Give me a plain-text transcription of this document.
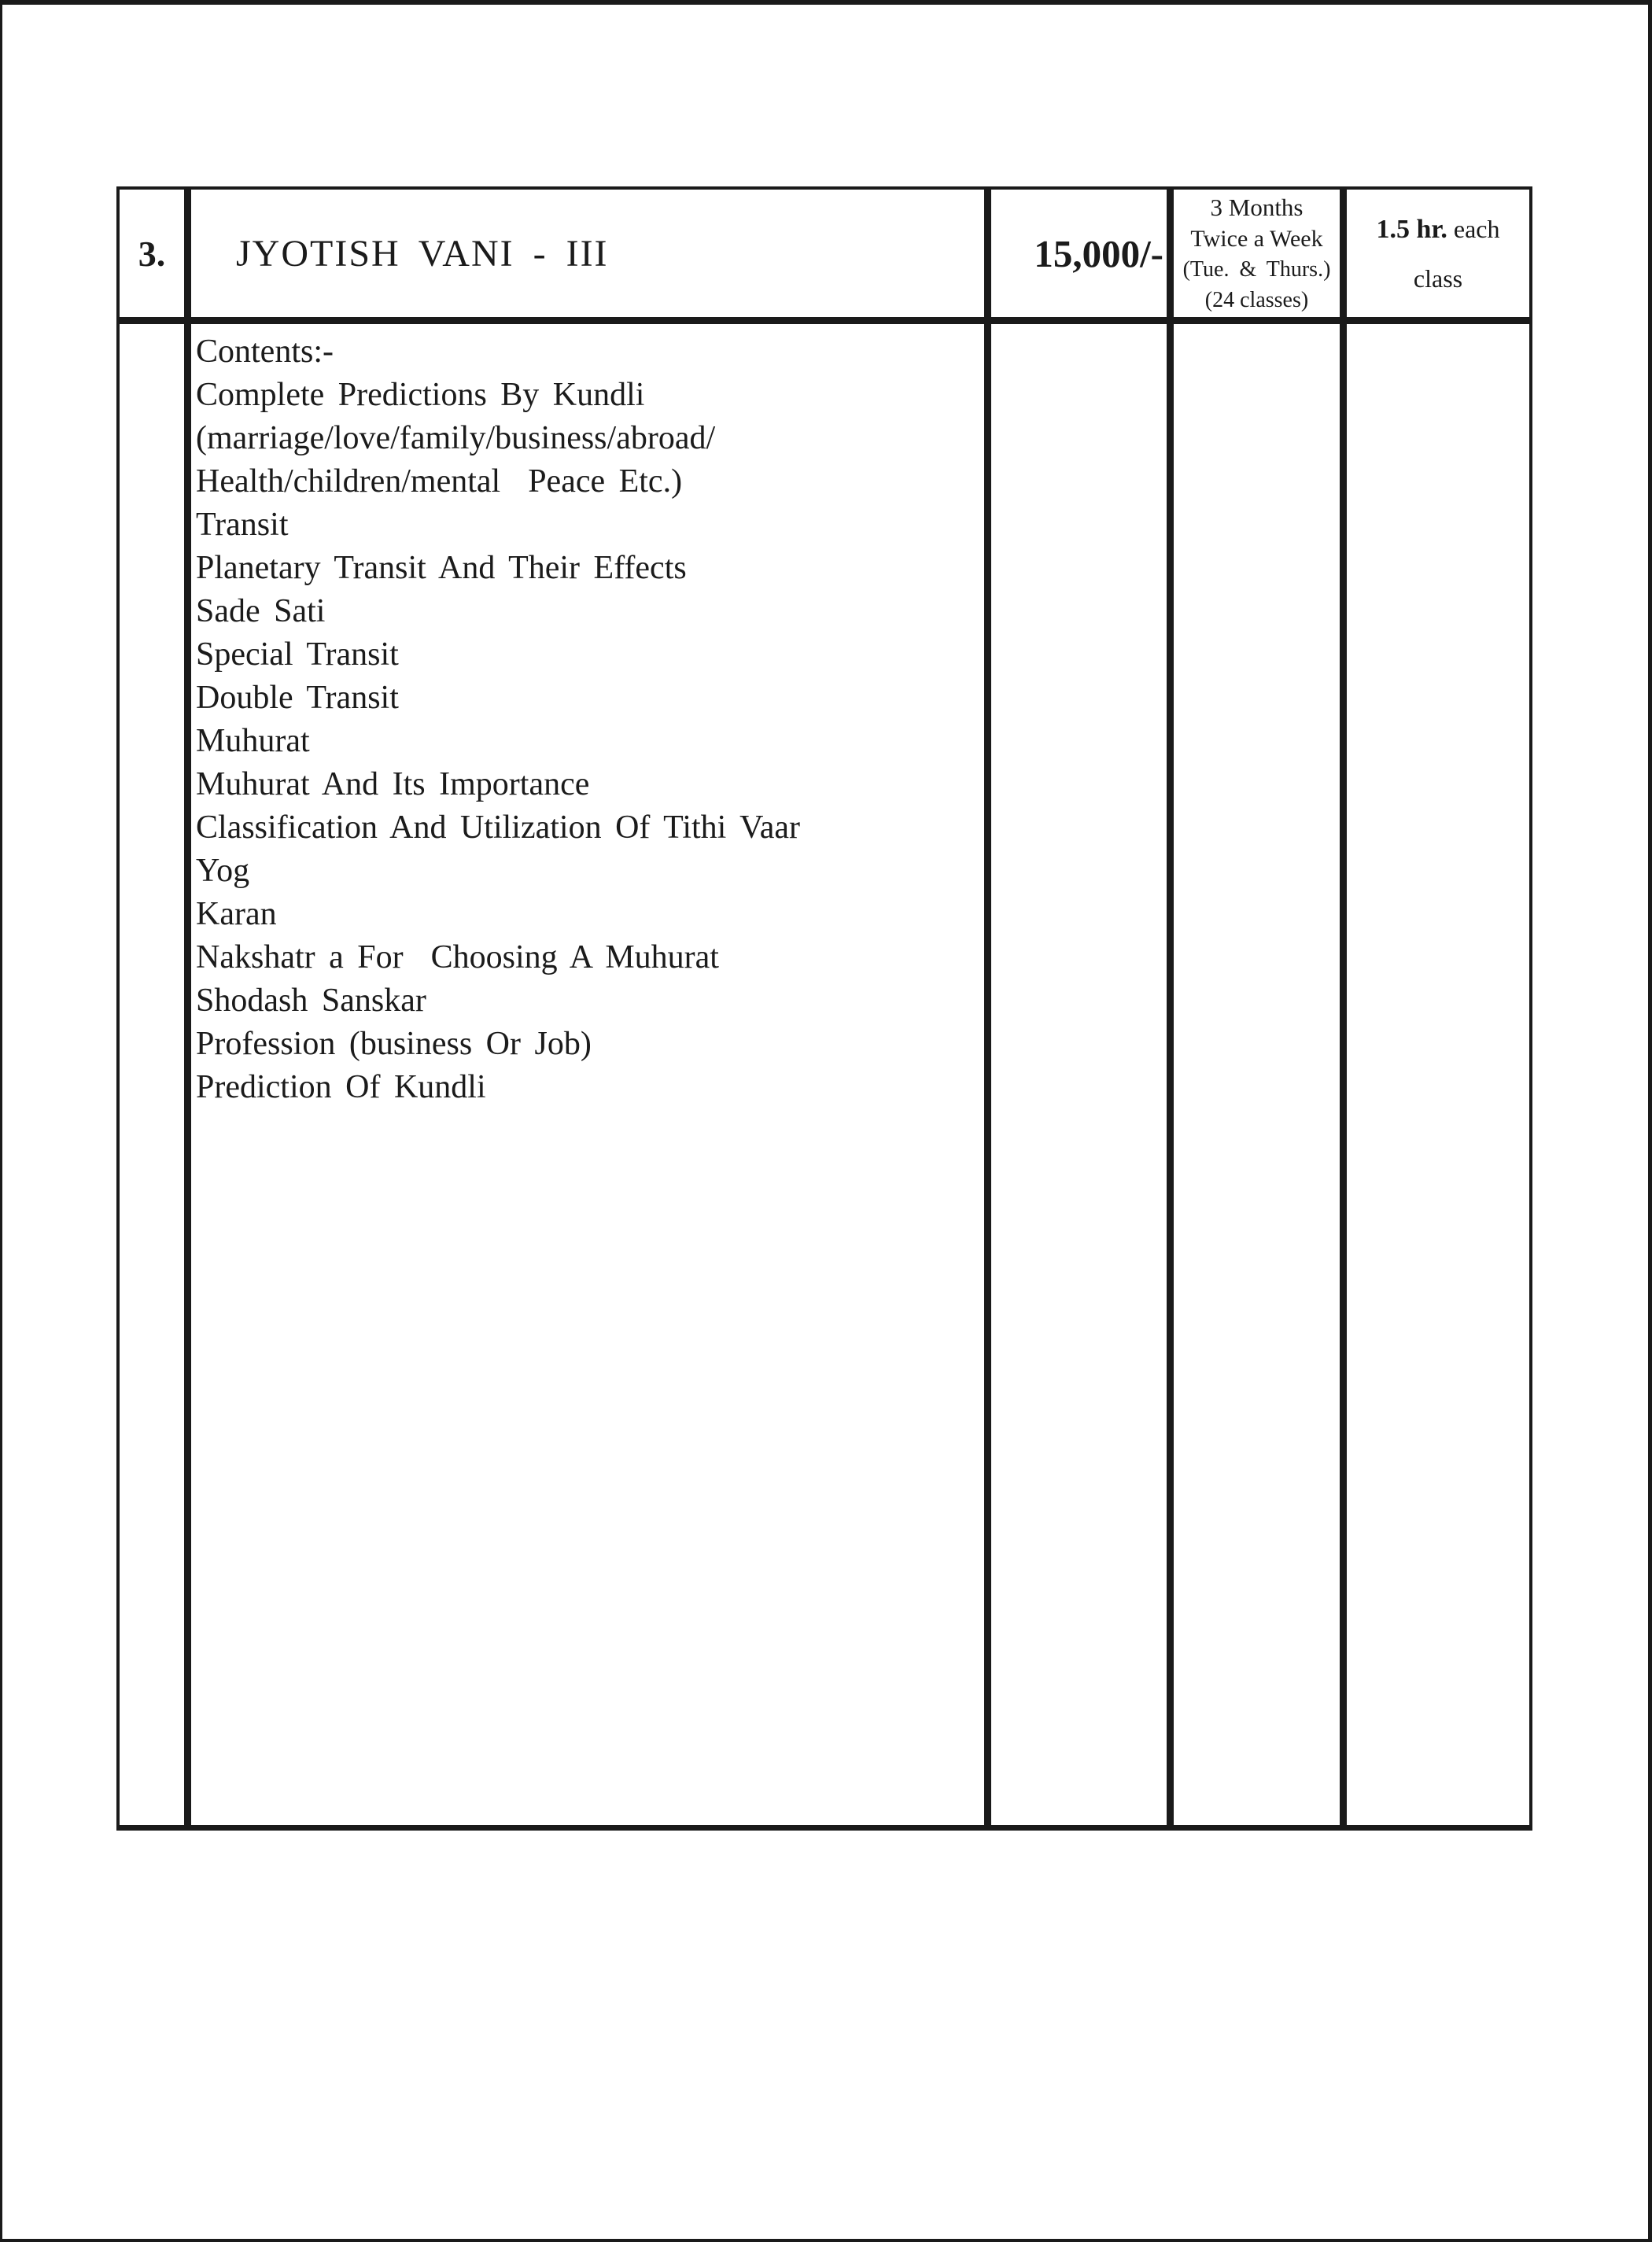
3. JYOTISH VANI - III	15,000/-
3 Months
Twice a Week
(Tue. & Thurs.)
(24 classes)
1.5 hr. each
class
Contents:-
Complete Predictions By Kundli
(marriage/love/family/business/abroad/
Health/children/mental  Peace Etc.)
Transit
Planetary Transit And Their Effects
Sade Sati
Special Transit
Double Transit
Muhurat
Muhurat And Its Importance
Classification And Utilization Of Tithi Vaar
Yog
Karan
Nakshatr a For  Choosing A Muhurat
Shodash Sanskar
Profession (business Or Job)
Prediction Of Kundli
